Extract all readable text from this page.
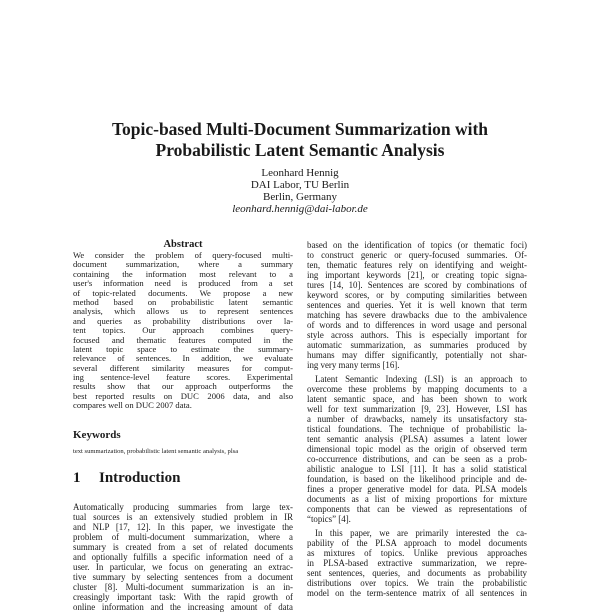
Topic-based Multi-Document Summarization with
Probabilistic Latent Semantic Analysis
Leonhard Hennig
DAI Labor, TU Berlin
Berlin, Germany
leonhard.hennig@dai-labor.de
Abstract
We consider the problem of query-focused multi-
document summarization, where a summary
containing the information most relevant to a
user's information need is produced from a set
of topic-related documents. We propose a new
method based on probabilistic latent semantic
analysis, which allows us to represent sentences
and queries as probability distributions over la-
tent topics. Our approach combines query-
focused and thematic features computed in the
latent topic space to estimate the summary-
relevance of sentences. In addition, we evaluate
several different similarity measures for comput-
ing sentence-level feature scores. Experimental
results show that our approach outperforms the
best reported results on DUC 2006 data, and also
compares well on DUC 2007 data.
Keywords
text summarization, probabilistic latent semantic analysis, plsa
1 Introduction
Automatically producing summaries from large tex-
tual sources is an extensively studied problem in IR
and NLP [17, 12]. In this paper, we investigate the
problem of multi-document summarization, where a
summary is created from a set of related documents
and optionally fulfills a specific information need of a
user. In particular, we focus on generating an extrac-
tive summary by selecting sentences from a document
cluster [8]. Multi-document summarization is an in-
creasingly important task: With the rapid growth of
online information and the increasing amount of data
based on the identification of topics (or thematic foci)
to construct generic or query-focused summaries. Of-
ten, thematic features rely on identifying and weight-
ing important keywords [21], or creating topic signa-
tures [14, 10]. Sentences are scored by combinations of
keyword scores, or by computing similarities between
sentences and queries. Yet it is well known that term
matching has severe drawbacks due to the ambivalence
of words and to differences in word usage and personal
style across authors. This is especially important for
automatic summarization, as summaries produced by
humans may differ significantly, potentially not shar-
ing very many terms [16].
Latent Semantic Indexing (LSI) is an approach to
overcome these problems by mapping documents to a
latent semantic space, and has been shown to work
well for text summarization [9, 23]. However, LSI has
a number of drawbacks, namely its unsatisfactory sta-
tistical foundations. The technique of probabilistic la-
tent semantic analysis (PLSA) assumes a latent lower
dimensional topic model as the origin of observed term
co-occurrence distributions, and can be seen as a prob-
abilistic analogue to LSI [11]. It has a solid statistical
foundation, is based on the likelihood principle and de-
fines a proper generative model for data. PLSA models
documents as a list of mixing proportions for mixture
components that can be viewed as representations of
“topics” [4].
In this paper, we are primarily interested the ca-
pability of the PLSA approach to model documents
as mixtures of topics. Unlike previous approaches
in PLSA-based extractive summarization, we repre-
sent sentences, queries, and documents as probability
distributions over topics. We train the probabilistic
model on the term-sentence matrix of all sentences in
